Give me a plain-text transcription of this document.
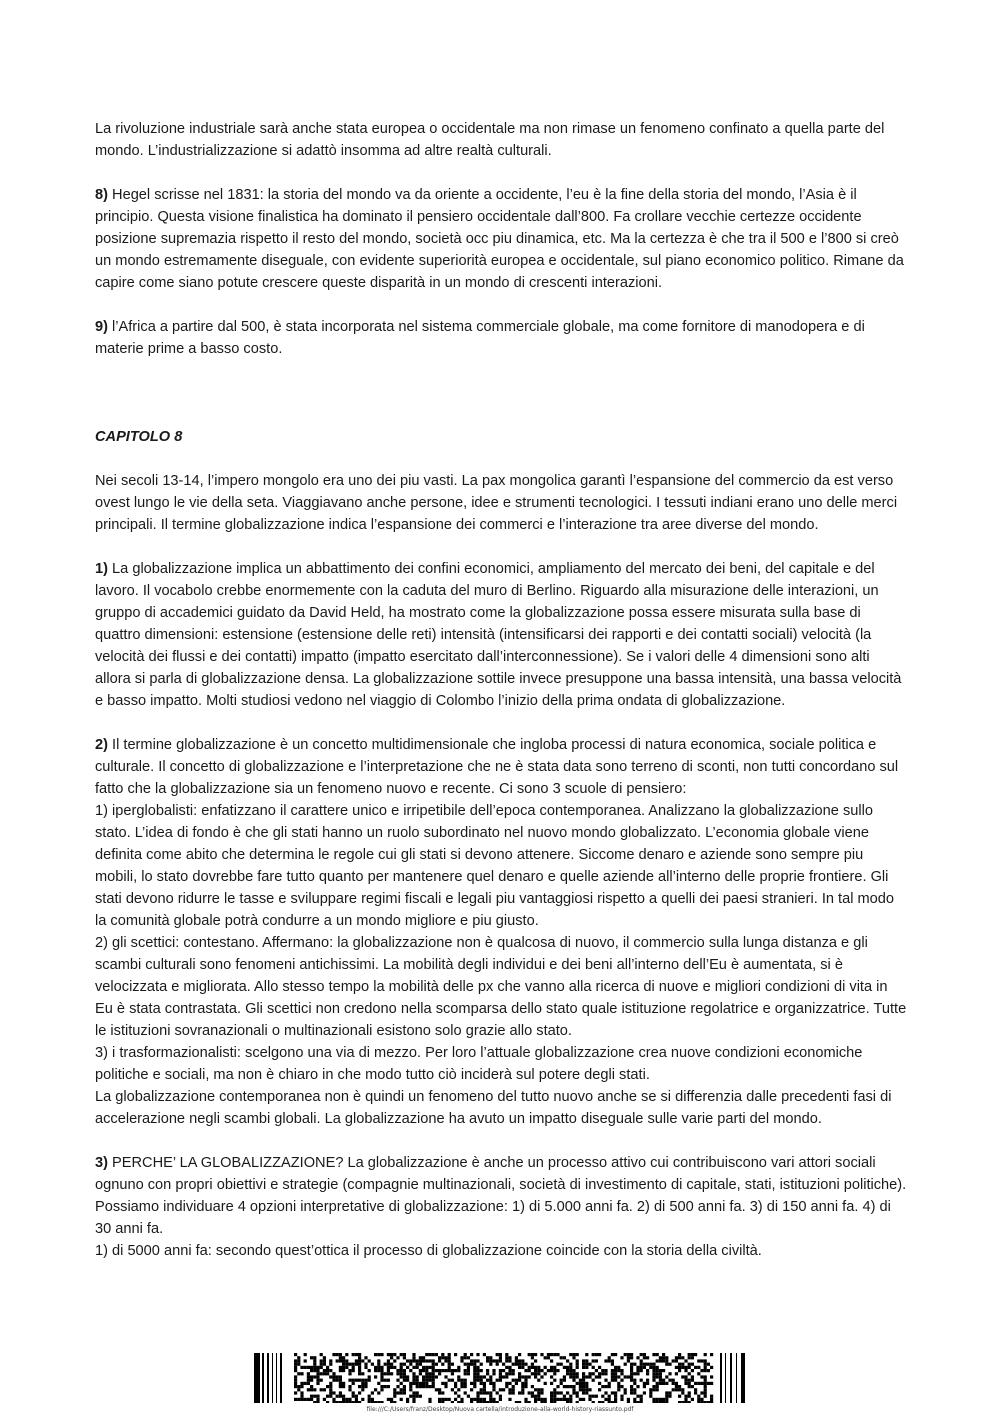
La rivoluzione industriale sarà anche stata europea o occidentale ma non rimase un fenomeno confinato a quella parte del mondo. L’industrializzazione si adattò insomma ad altre realtà culturali.

8) Hegel scrisse nel 1831: la storia del mondo va da oriente a occidente, l’eu è la fine della storia del mondo, l’Asia è il principio. Questa visione finalistica ha dominato il pensiero occidentale dall’800. Fa crollare vecchie certezze occidente posizione supremazia rispetto il resto del mondo, società occ piu dinamica, etc. Ma la certezza è che tra il 500 e l’800 si creò un mondo estremamente diseguale, con evidente superiorità europea e occidentale, sul piano economico politico. Rimane da capire come siano potute crescere queste disparità in un mondo di crescenti interazioni.

9) l’Africa a partire dal 500, è stata incorporata nel sistema commerciale globale, ma come fornitore di manodopera e di materie prime a basso costo.

CAPITOLO 8

Nei secoli 13-14, l’impero mongolo era uno dei piu vasti. La pax mongolica garantì l’espansione del commercio da est verso ovest lungo le vie della seta. Viaggiavano anche persone, idee e strumenti tecnologici. I tessuti indiani erano uno delle merci principali. Il termine globalizzazione indica l’espansione dei commerci e l’interazione tra aree diverse del mondo.

1) La globalizzazione implica un abbattimento dei confini economici, ampliamento del mercato dei beni, del capitale e del lavoro. Il vocabolo crebbe enormemente con la caduta del muro di Berlino. Riguardo alla misurazione delle interazioni, un gruppo di accademici guidato da David Held, ha mostrato come la globalizzazione possa essere misurata sulla base di quattro dimensioni: estensione (estensione delle reti) intensità (intensificarsi dei rapporti e dei contatti sociali) velocità (la velocità dei flussi e dei contatti) impatto (impatto esercitato dall’interconnessione). Se i valori delle 4 dimensioni sono alti allora si parla di globalizzazione densa. La globalizzazione sottile invece presuppone una bassa intensità, una bassa velocità e basso impatto. Molti studiosi vedono nel viaggio di Colombo l’inizio della prima ondata di globalizzazione.

2) Il termine globalizzazione è un concetto multidimensionale che ingloba processi di natura economica, sociale politica e culturale. Il concetto di globalizzazione e l’interpretazione che ne è stata data sono terreno di sconti, non tutti concordano sul fatto che la globalizzazione sia un fenomeno nuovo e recente. Ci sono 3 scuole di pensiero:

1) iperglobalisti: enfatizzano il carattere unico e irripetibile dell’epoca contemporanea. Analizzano la globalizzazione sullo stato. L’idea di fondo è che gli stati hanno un ruolo subordinato nel nuovo mondo globalizzato. L’economia globale viene definita come abito che determina le regole cui gli stati si devono attenere. Siccome denaro e aziende sono sempre piu mobili, lo stato dovrebbe fare tutto quanto per mantenere quel denaro e quelle aziende all’interno delle proprie frontiere. Gli stati devono ridurre le tasse e sviluppare regimi fiscali e legali piu vantaggiosi rispetto a quelli dei paesi stranieri. In tal modo la comunità globale potrà condurre a un mondo migliore e piu giusto.

2) gli scettici: contestano. Affermano: la globalizzazione non è qualcosa di nuovo, il commercio sulla lunga distanza e gli scambi culturali sono fenomeni antichissimi. La mobilità degli individui e dei beni all’interno dell’Eu è aumentata, si è velocizzata e migliorata. Allo stesso tempo la mobilità delle px che vanno alla ricerca di nuove e migliori condizioni di vita in Eu è stata contrastata. Gli scettici non credono nella scomparsa dello stato quale istituzione regolatrice e organizzatrice. Tutte le istituzioni sovranazionali o multinazionali esistono solo grazie allo stato.

3) i trasformazionalisti: scelgono una via di mezzo. Per loro l’attuale globalizzazione crea nuove condizioni economiche politiche e sociali, ma non è chiaro in che modo tutto ciò inciderà sul potere degli stati.

La globalizzazione contemporanea non è quindi un fenomeno del tutto nuovo anche se si differenzia dalle precedenti fasi di accelerazione negli scambi globali. La globalizzazione ha avuto un impatto diseguale sulle varie parti del mondo.

3) PERCHE’ LA GLOBALIZZAZIONE? La globalizzazione è anche un processo attivo cui contribuiscono vari attori sociali ognuno con propri obiettivi e strategie (compagnie multinazionali, società di investimento di capitale, stati, istituzioni politiche). Possiamo individuare 4 opzioni interpretative di globalizzazione: 1) di 5.000 anni fa. 2) di 500 anni fa. 3) di 150 anni fa. 4) di 30 anni fa.

1) di 5000 anni fa: secondo quest’ottica il processo di globalizzazione coincide con la storia della civiltà.

file:///C:/Users/franz/Desktop/Nuova cartella/introduzione-alla-world-history-riassunto.pdf
